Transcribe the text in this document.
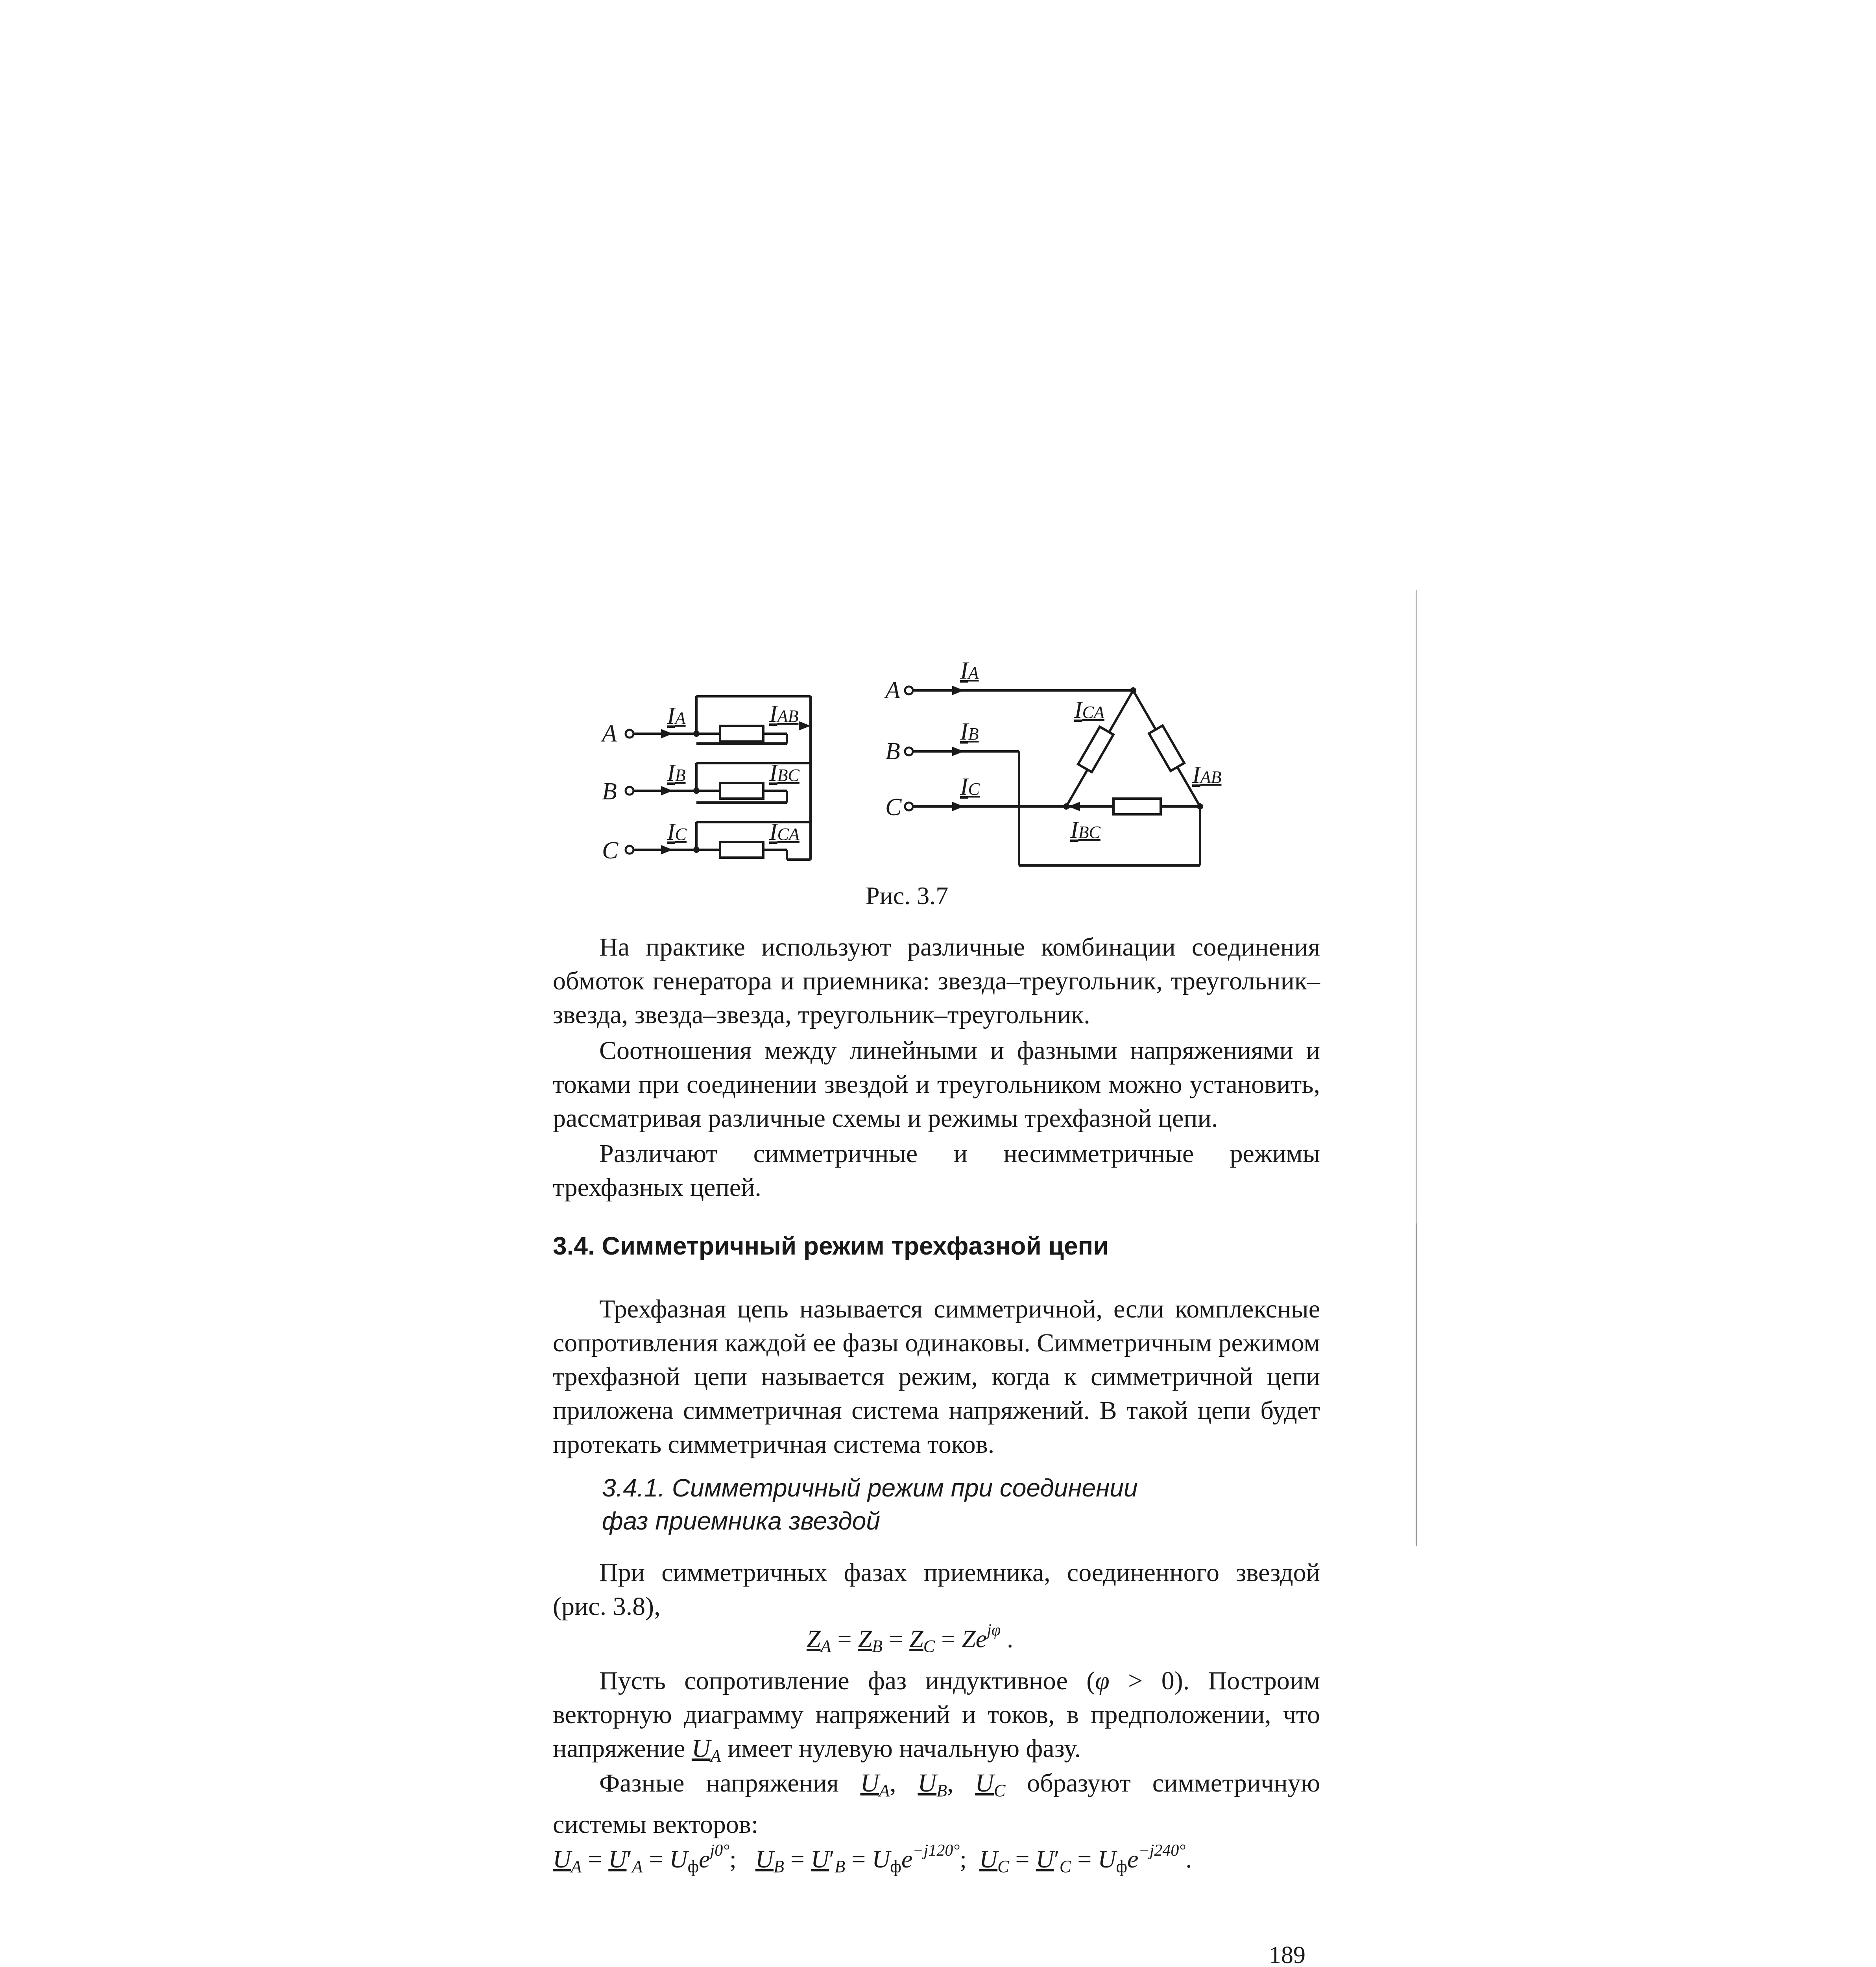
A
B
C
IA	IAB
IB	IBC
IC	ICA
A
B
C
IA
IB
IC
ICA
IAB
IBC
Рис. 3.7
На практике используют различные комбинации соединения обмоток генератора и приемника: звезда–треугольник, треугольник–звезда, звезда–звезда, треугольник–треугольник.
Соотношения между линейными и фазными напряжениями и токами при соединении звездой и треугольником можно установить, рассматривая различные схемы и режимы трехфазной цепи.
Различают симметричные и несимметричные режимы трехфазных цепей.
3.4. Симметричный режим трехфазной цепи
Трехфазная цепь называется симметричной, если комплексные сопротивления каждой ее фазы одинаковы. Симметричным режимом трехфазной цепи называется режим, когда к симметричной цепи приложена симметричная система напряжений. В такой цепи будет протекать симметричная система токов.
3.4.1. Симметричный режим при соединении
фаз приемника звездой
При симметричных фазах приемника, соединенного звездой (рис. 3.8),
$Z_A = Z_B = Z_C = Ze^{j\varphi}$ .
Пусть сопротивление фаз индуктивное (φ > 0). Построим векторную диаграмму напряжений и токов, в предположении, что напряжение $U_A$ имеет нулевую начальную фазу.
Фазные напряжения $U_A$, $U_B$, $U_C$ образуют симметричную системы векторов:
$U_A = U'_A = U_фe^{j0^\circ}$;   $U_B = U'_B = U_фe^{-j120^\circ}$;  $U_C = U'_C = U_фe^{-j240^\circ}$.
189
